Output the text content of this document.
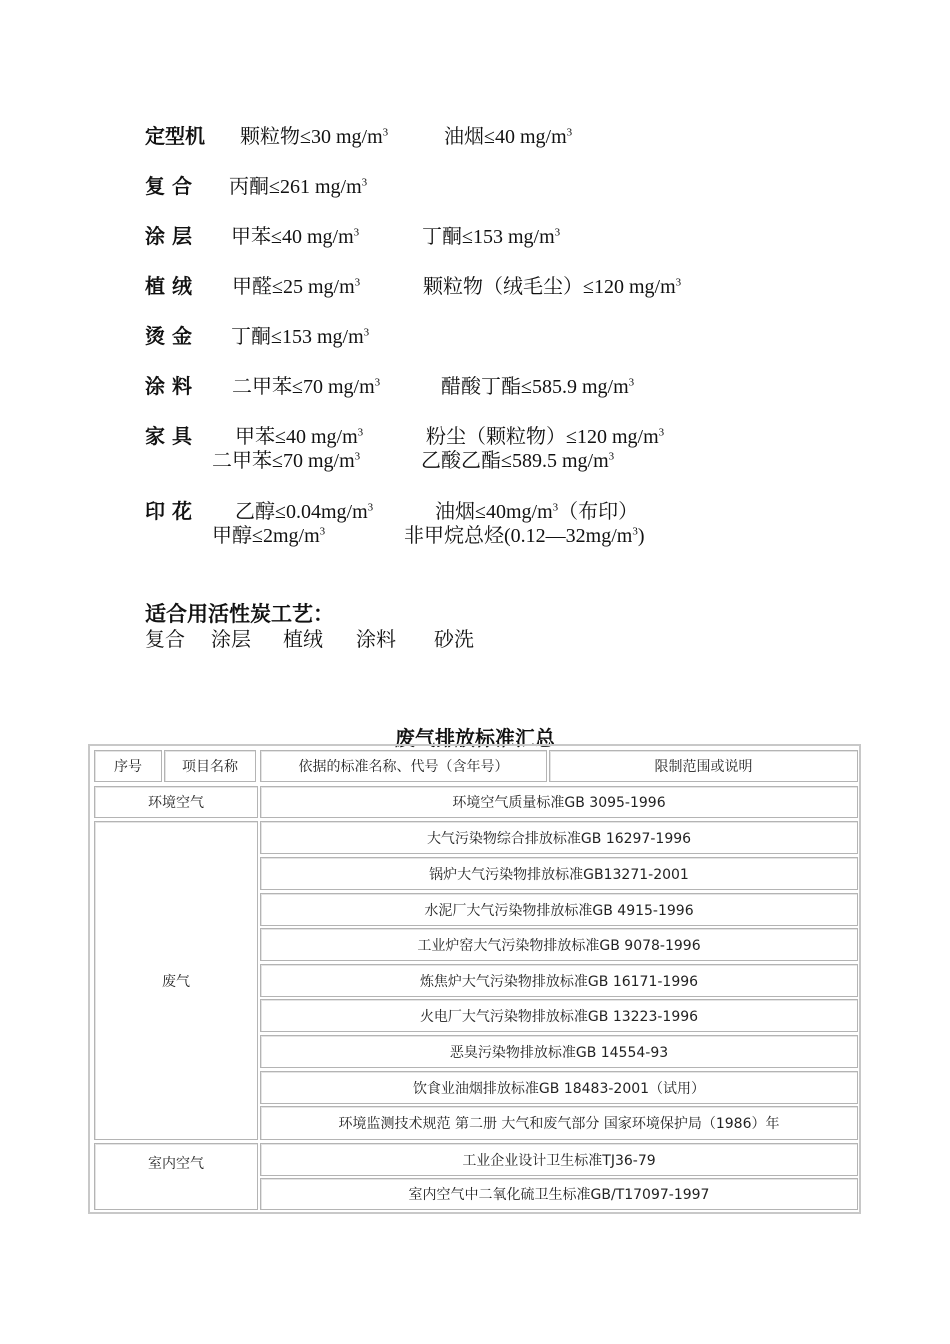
定型机 颗粒物≤30 $mg/m^3$	油烟≤40 $mg/m^3$
复 合 丙酮≤261 $mg/m^3$
涂 层 甲苯≤40 $mg/m^3$	丁酮≤153 $mg/m^3$
植 绒 甲醛≤25 $mg/m^3$	颗粒物（绒毛尘）≤120 $mg/m^3$
烫 金 丁酮≤153 $mg/m^3$
涂 料 二甲苯≤70 $mg/m^3$	醋酸丁酯≤585.9 $mg/m^3$
家 具 甲苯≤40 $mg/m^3$	粉尘（颗粒物）≤120 $mg/m^3$
二甲苯≤70 $mg/m^3$	乙酸乙酯≤589.5 $mg/m^3$
印 花 乙醇$\le 0.04mg/m^3$	油烟$\le 40mg/m^3$（布印）
甲醇$\le 2mg/m^3$	非甲烷总烃$(0.12—32mg/m^3)$
适合用活性炭工艺：
复合 涂层 植绒 涂料 砂洗
废气排放标准汇总
序号	项目名称	依据的标准名称、代号（含年号）	限制范围或说明
环境空气	环境空气质量标准GB 3095-1996
废气
大气污染物综合排放标准GB 16297-1996
锅炉大气污染物排放标准GB13271-2001
水泥厂大气污染物排放标准GB 4915-1996
工业炉窑大气污染物排放标准GB 9078-1996
炼焦炉大气污染物排放标准GB 16171-1996
火电厂大气污染物排放标准GB 13223-1996
恶臭污染物排放标准GB 14554-93
饮食业油烟排放标准GB 18483-2001（试用）
环境监测技术规范 第二册 大气和废气部分 国家环境保护局（1986）年
室内空气	工业企业设计卫生标准TJ36-79
室内空气中二氧化硫卫生标准GB/T17097-1997
